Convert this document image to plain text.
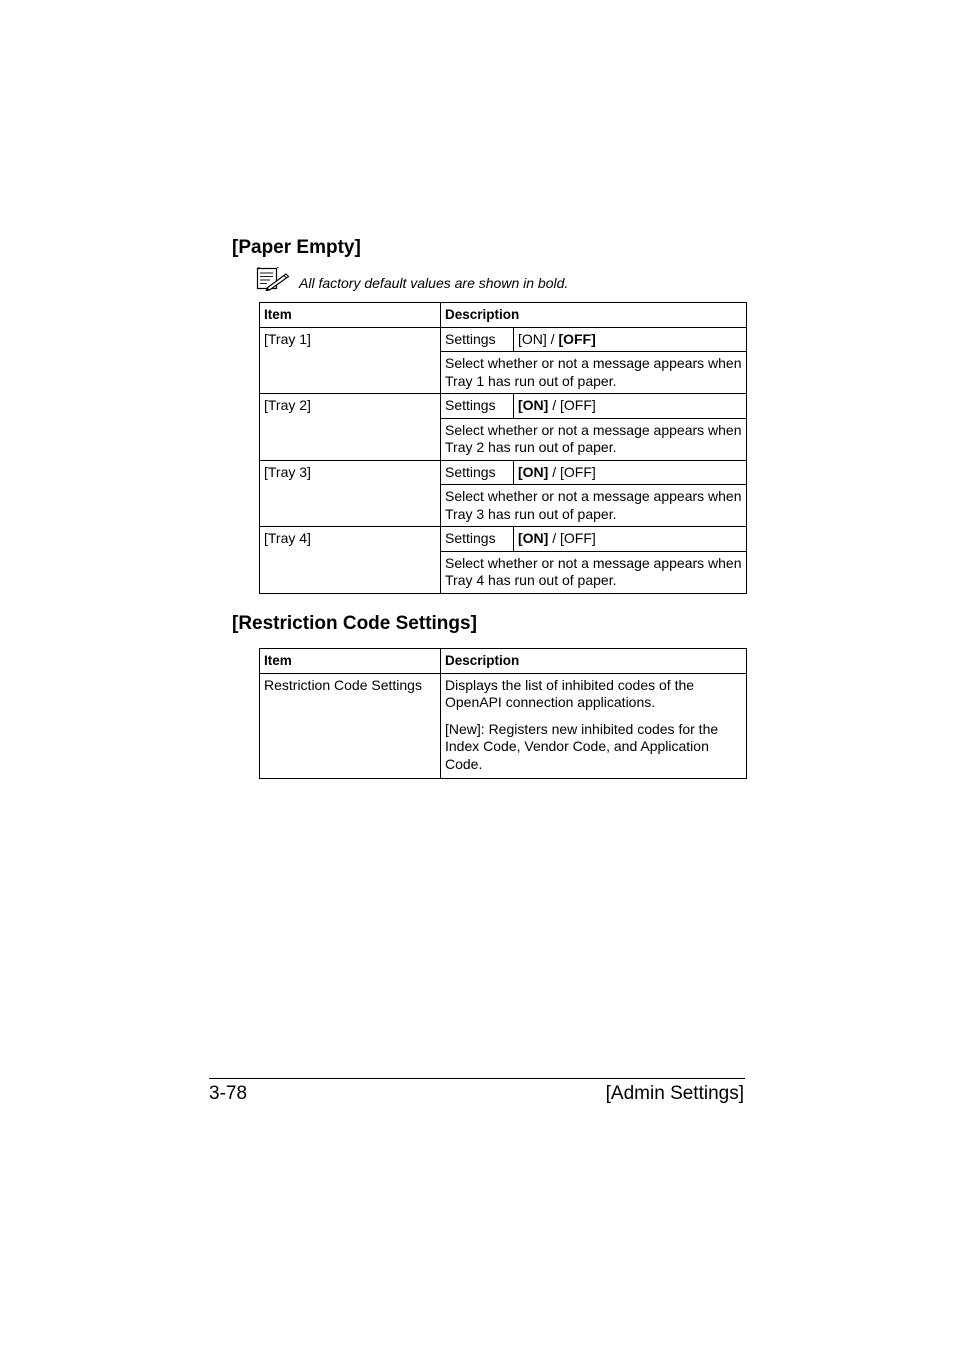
[Paper Empty]
All factory default values are shown in bold.
Item	Description	
[Tray 1]	Settings	[ON] / [OFF]
	Select whether or not a message appears when Tray 1 has run out of paper.	
[Tray 2]	Settings	[ON] / [OFF]
	Select whether or not a message appears when Tray 2 has run out of paper.	
[Tray 3]	Settings	[ON] / [OFF]
	Select whether or not a message appears when Tray 3 has run out of paper.	
[Tray 4]	Settings	[ON] / [OFF]
	Select whether or not a message appears when Tray 4 has run out of paper.	
[Restriction Code Settings]
Item	Description
Restriction Code Settings	Displays the list of inhibited codes of the OpenAPI connection applications.
[New]: Registers new inhibited codes for the Index Code, Vendor Code, and Application Code.
3-78	[Admin Settings]
